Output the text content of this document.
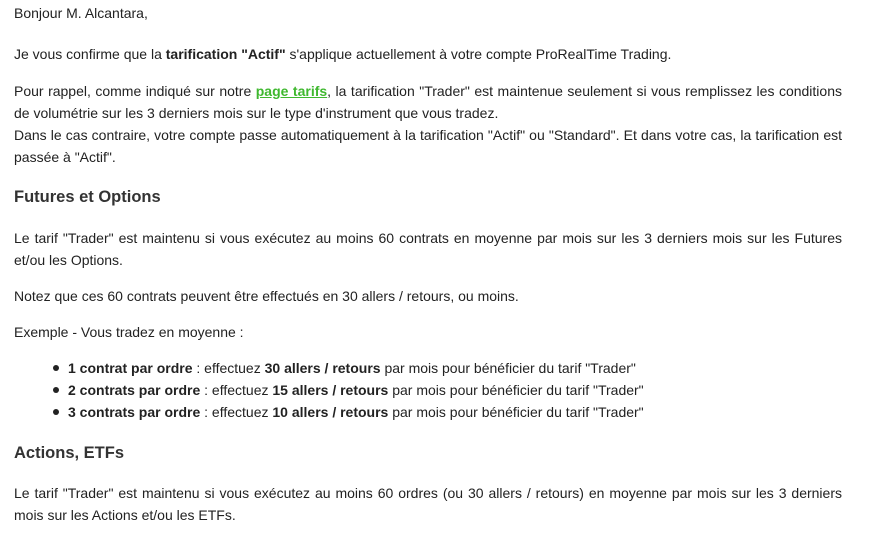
Bonjour M. Alcantara,

Je vous confirme que la tarification "Actif" s'applique actuellement à votre compte ProRealTime Trading.

Pour rappel, comme indiqué sur notre page tarifs, la tarification "Trader" est maintenue seulement si vous remplissez les conditions de volumétrie sur les 3 derniers mois sur le type d'instrument que vous tradez.

Dans le cas contraire, votre compte passe automatiquement à la tarification "Actif" ou "Standard". Et dans votre cas, la tarification est passée à "Actif".

Futures et Options

Le tarif "Trader" est maintenu si vous exécutez au moins 60 contrats en moyenne par mois sur les 3 derniers mois sur les Futures et/ou les Options.

Notez que ces 60 contrats peuvent être effectués en 30 allers / retours, ou moins.

Exemple - Vous tradez en moyenne :

1 contrat par ordre : effectuez 30 allers / retours par mois pour bénéficier du tarif "Trader"
2 contrats par ordre : effectuez 15 allers / retours par mois pour bénéficier du tarif "Trader"
3 contrats par ordre : effectuez 10 allers / retours par mois pour bénéficier du tarif "Trader"
Actions, ETFs

Le tarif "Trader" est maintenu si vous exécutez au moins 60 ordres (ou 30 allers / retours) en moyenne par mois sur les 3 derniers mois sur les Actions et/ou les ETFs.
